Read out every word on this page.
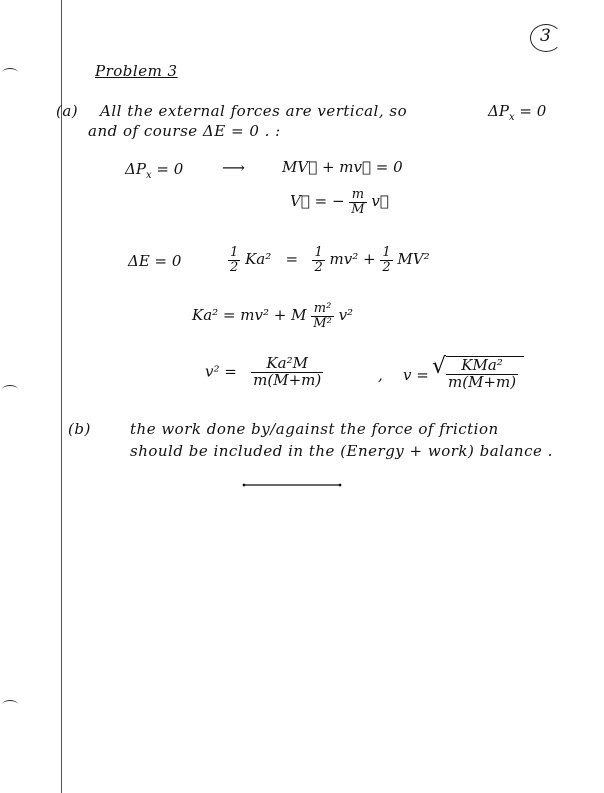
3
Problem 3
(a) All the external forces are vertical, so	$\Delta P_x = 0$
and of course ΔE = 0 . :
$\Delta P_x = 0$ ⟶ MV⃗ + mv⃗ = 0
V⃗ = − $\frac{m}{M}$ v⃗
ΔE = 0	$\frac{1}{2} Ka^2 = \frac{1}{2} mv^2 + \frac{1}{2} MV^2$
Ka² = mv² + M $\frac{\text{m²}}{\text{M²}} v^2$
$v^2 = \frac{\text{Ka²M}}{m(M+m)}$	, v = √ $\frac{\text{KMa²}}{m(M+m)}$
(b)	the work done by/against the force of friction
should be included in the (Energy + work) balance .
